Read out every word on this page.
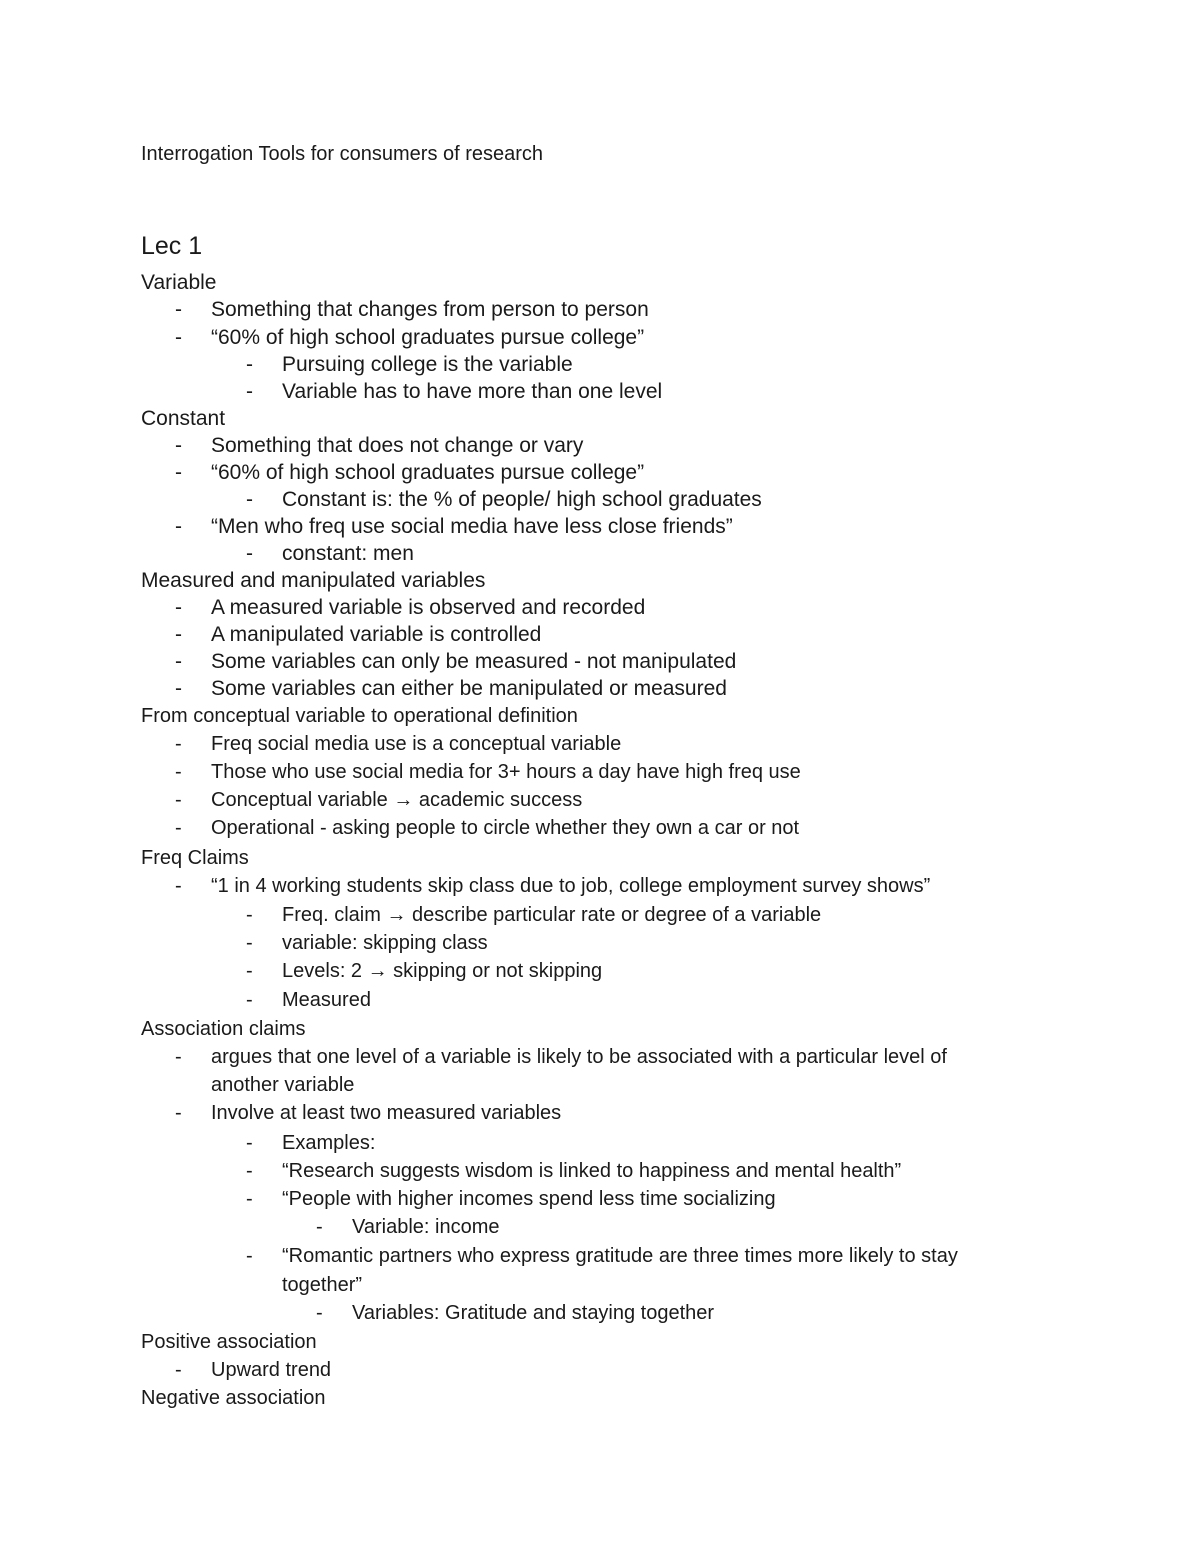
Interrogation Tools for consumers of research
Lec 1
Variable
- Something that changes from person to person
- “60% of high school graduates pursue college”
- Pursuing college is the variable
- Variable has to have more than one level
Constant
- Something that does not change or vary
- “60% of high school graduates pursue college”
- Constant is: the % of people/ high school graduates
- “Men who freq use social media have less close friends”
- constant: men
Measured and manipulated variables
- A measured variable is observed and recorded
- A manipulated variable is controlled
- Some variables can only be measured - not manipulated
- Some variables can either be manipulated or measured
From conceptual variable to operational definition
- Freq social media use is a conceptual variable
- Those who use social media for 3+ hours a day have high freq use
- Conceptual variable → academic success
- Operational - asking people to circle whether they own a car or not
Freq Claims
- “1 in 4 working students skip class due to job, college employment survey shows”
- Freq. claim → describe particular rate or degree of a variable
- variable: skipping class
- Levels: 2 → skipping or not skipping
- Measured
Association claims
- argues that one level of a variable is likely to be associated with a particular level of
another variable
- Involve at least two measured variables
- Examples:
- “Research suggests wisdom is linked to happiness and mental health”
- “People with higher incomes spend less time socializing
- Variable: income
- “Romantic partners who express gratitude are three times more likely to stay
together”
- Variables: Gratitude and staying together
Positive association
- Upward trend
Negative association
